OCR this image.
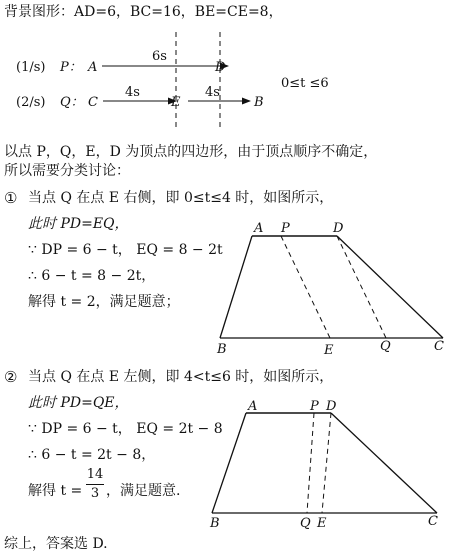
背景图形：AD=6，BC=16，BE=CE=8，
(1/s) P： A
6s
D
(2/s) Q： C
4s
E
4s
B
0≤t ≤6
A P	D
B	E	Q	C
A	P D
B	Q E	C
以点 P，Q，E，D 为顶点的四边形，由于顶点顺序不确定，
所以需要分类讨论：
① 当点 Q 在点 E 右侧，即 0≤t≤4 时，如图所示，
此时 PD=EQ，
∵ DP = 6 − t， EQ = 8 − 2t
∴ 6 − t = 8 − 2t，
解得 t = 2，满足题意；
② 当点 Q 在点 E 左侧，即 4<t≤6 时，如图所示，
此时 PD=QE，
∵ DP = 6 − t， EQ = 2t − 8
∴ 6 − t = 2t − 8，
解得 t =
14
3 ，满足题意.
综上，答案选 D.
